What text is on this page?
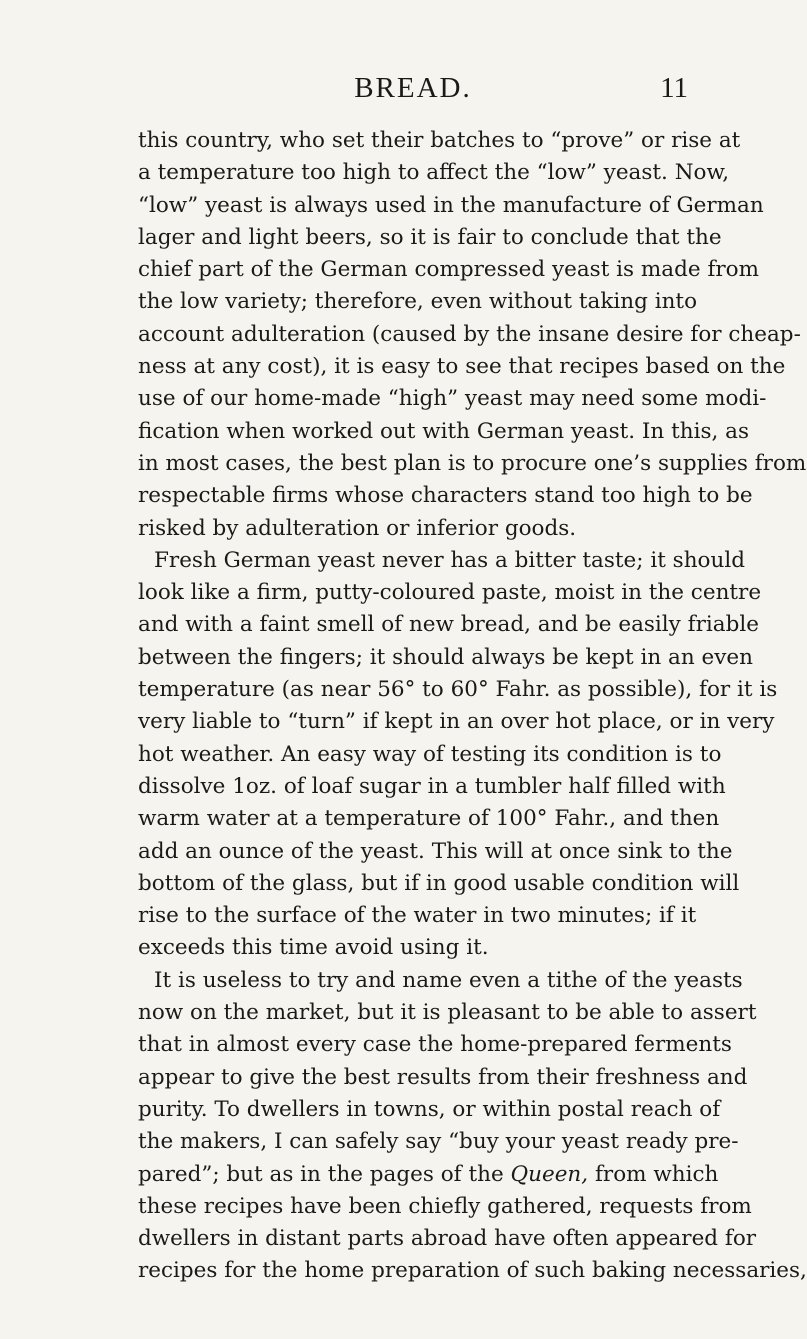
BREAD.	11
this country, who set their batches to “prove” or rise at
a temperature too high to affect the “low” yeast. Now,
“low” yeast is always used in the manufacture of German
lager and light beers, so it is fair to conclude that the
chief part of the German compressed yeast is made from
the low variety; therefore, even without taking into
account adulteration (caused by the insane desire for cheap-
ness at any cost), it is easy to see that recipes based on the
use of our home-made “high” yeast may need some modi-
fication when worked out with German yeast. In this, as
in most cases, the best plan is to procure one’s supplies from
respectable firms whose characters stand too high to be
risked by adulteration or inferior goods.
Fresh German yeast never has a bitter taste; it should
look like a firm, putty-coloured paste, moist in the centre
and with a faint smell of new bread, and be easily friable
between the fingers; it should always be kept in an even
temperature (as near 56° to 60° Fahr. as possible), for it is
very liable to “turn” if kept in an over hot place, or in very
hot weather. An easy way of testing its condition is to
dissolve 1oz. of loaf sugar in a tumbler half filled with
warm water at a temperature of 100° Fahr., and then
add an ounce of the yeast. This will at once sink to the
bottom of the glass, but if in good usable condition will
rise to the surface of the water in two minutes; if it
exceeds this time avoid using it.
It is useless to try and name even a tithe of the yeasts
now on the market, but it is pleasant to be able to assert
that in almost every case the home-prepared ferments
appear to give the best results from their freshness and
purity. To dwellers in towns, or within postal reach of
the makers, I can safely say “buy your yeast ready pre-
pared”; but as in the pages of the Queen, from which
these recipes have been chiefly gathered, requests from
dwellers in distant parts abroad have often appeared for
recipes for the home preparation of such baking necessaries,
